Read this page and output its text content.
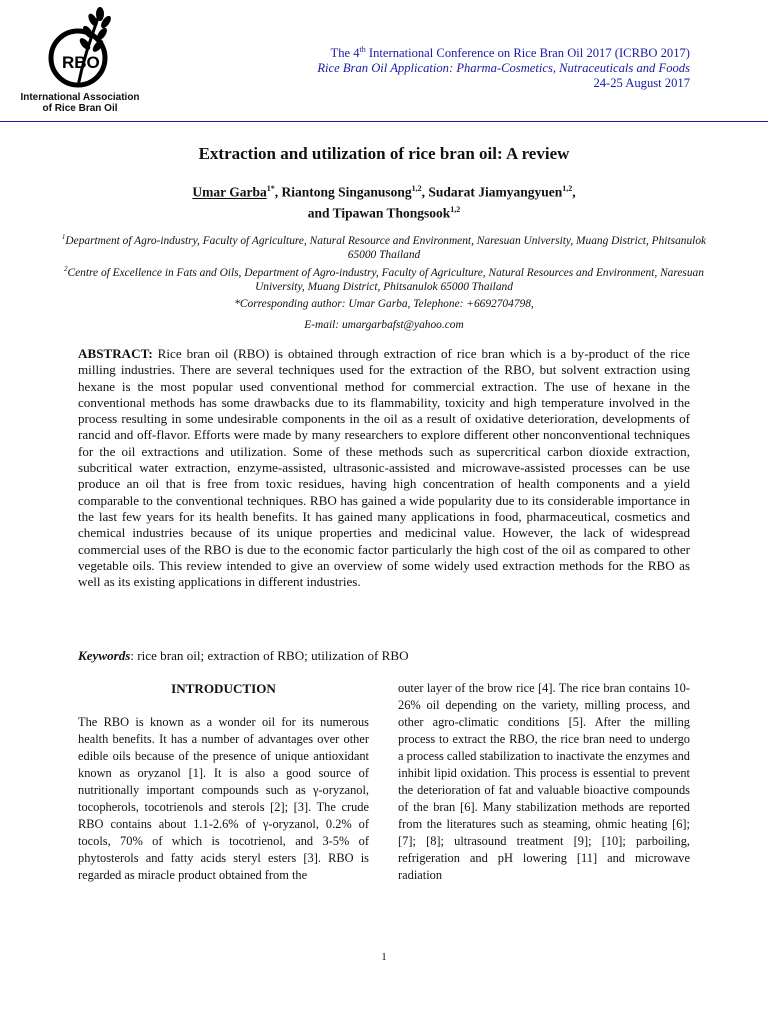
RBO
International Association
of Rice Bran Oil
The 4th International Conference on Rice Bran Oil 2017 (ICRBO 2017)
Rice Bran Oil Application: Pharma-Cosmetics, Nutraceuticals and Foods
24-25 August 2017
Extraction and utilization of rice bran oil: A review
Umar Garba$^{1*}$, Riantong Singanusong$^{1,2}$, Sudarat Jiamyangyuen$^{1,2}$,
and Tipawan Thongsook$^{1,2}$

$^1$Department of Agro-industry, Faculty of Agriculture, Natural Resource and Environment, Naresuan University, Muang District, Phitsanulok 65000 Thailand

$^2$Centre of Excellence in Fats and Oils, Department of Agro-industry, Faculty of Agriculture, Natural Resources and Environment, Naresuan University, Muang District, Phitsanulok 65000 Thailand

*Corresponding author: Umar Garba, Telephone: +6692704798,
E-mail: umargarbafst@yahoo.com
ABSTRACT: Rice bran oil (RBO) is obtained through extraction of rice bran which is a by-product of the rice milling industries. There are several techniques used for the extraction of the RBO, but solvent extraction using hexane is the most popular used conventional method for commercial extraction. The use of hexane in the conventional methods has some drawbacks due to its flammability, toxicity and high temperature involved in the process resulting in some undesirable components in the oil as a result of oxidative deterioration, developments of rancid and off-flavor. Efforts were made by many researchers to explore different other nonconventional techniques for the oil extractions and utilization. Some of these methods such as supercritical carbon dioxide extraction, subcritical water extraction, enzyme-assisted, ultrasonic-assisted and microwave-assisted processes can be use produce an oil that is free from toxic residues, having high concentration of health components and a yield comparable to the conventional techniques. RBO has gained a wide popularity due to its considerable importance in the last few years for its health benefits. It has gained many applications in food, pharmaceutical, cosmetics and chemical industries because of its unique properties and medicinal value. However, the lack of widespread commercial uses of the RBO is due to the economic factor particularly the high cost of the oil as compared to other vegetable oils. This review intended to give an overview of some widely used extraction methods for the RBO as well as its existing applications in different industries.
Keywords: rice bran oil; extraction of RBO; utilization of RBO
INTRODUCTION

The RBO is known as a wonder oil for its numerous health benefits. It has a number of advantages over other edible oils because of the presence of unique antioxidant known as oryzanol [1]. It is also a good source of nutritionally important compounds such as γ-oryzanol, tocopherols, tocotrienols and sterols [2]; [3]. The crude RBO contains about 1.1-2.6% of γ-oryzanol, 0.2% of tocols, 70% of which is tocotrienol, and 3-5% of phytosterols and fatty acids steryl esters [3]. RBO is regarded as miracle product obtained from the

outer layer of the brow rice [4]. The rice bran contains 10-26% oil depending on the variety, milling process, and other agro-climatic conditions [5]. After the milling process to extract the RBO, the rice bran need to undergo a process called stabilization to inactivate the enzymes and inhibit lipid oxidation. This process is essential to prevent the deterioration of fat and valuable bioactive compounds of the bran [6]. Many stabilization methods are reported from the literatures such as steaming, ohmic heating [6]; [7]; [8]; ultrasound treatment [9]; [10]; parboiling, refrigeration and pH lowering [11] and microwave radiation

1
